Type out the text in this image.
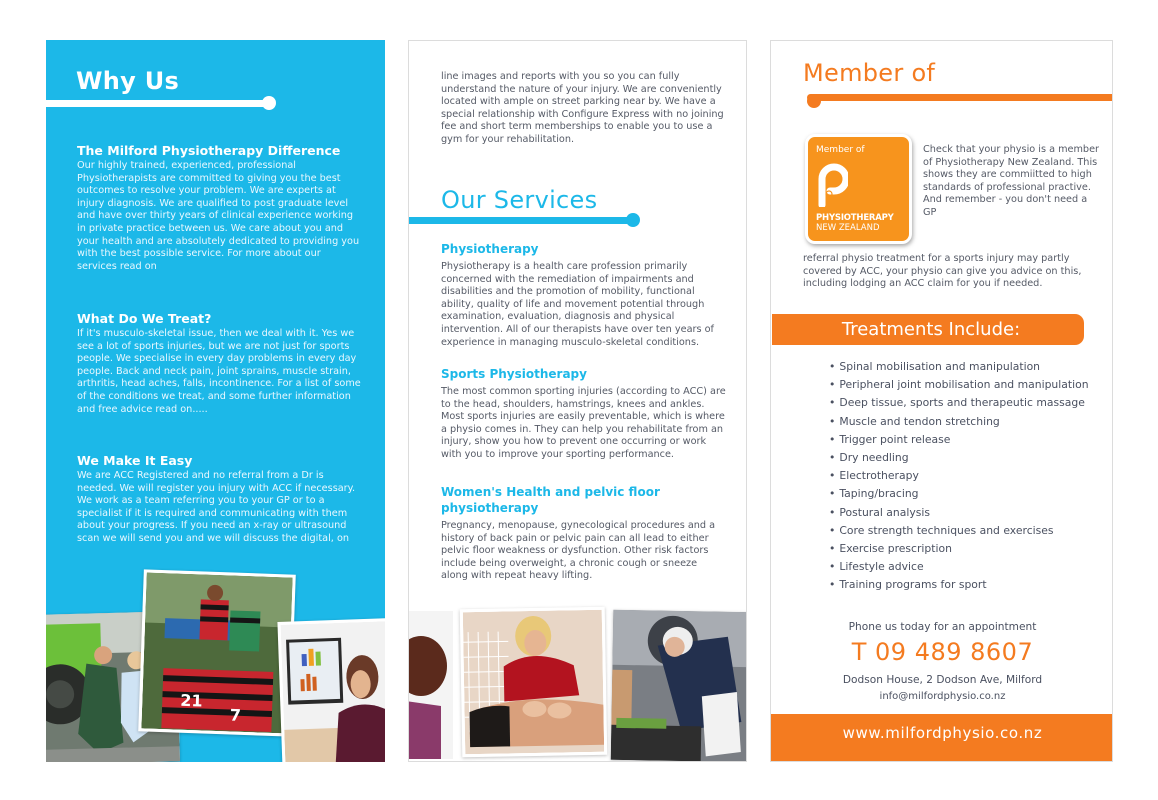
Why Us
The Milford Physiotherapy Difference

Our highly trained, experienced, professional Physiotherapists are committed to giving you the best outcomes to resolve your problem. We are experts at injury diagnosis. We are qualified to post graduate level and have over thirty years of clinical experience working in private practice between us. We care about you and your health and are absolutely dedicated to providing you with the best possible service. For more about our services read on

What Do We Treat?

If it's musculo-skeletal issue, then we deal with it. Yes we see a lot of sports injuries, but we are not just for sports people. We specialise in every day problems in every day people. Back and neck pain, joint sprains, muscle strain, arthritis, head aches, falls, incontinence. For a list of some of the conditions we treat, and some further information and free advice read on.....

We Make It Easy

We are ACC Registered and no referral from a Dr is needed. We will register you injury with ACC if necessary. We work as a team referring you to your GP or to a specialist if it is required and communicating with them about your progress. If you need an x-ray or ultrasound scan we will send you and we will discuss the digital, on

21
7

line images and reports with you so you can fully understand the nature of your injury. We are conveniently located with ample on street parking near by. We have a special relationship with Configure Express with no joining fee and short term memberships to enable you to use a gym for your rehabilitation.

Our Services
Physiotherapy

Physiotherapy is a health care profession primarily concerned with the remediation of impairments and disabilities and the promotion of mobility, functional ability, quality of life and movement potential through examination, evaluation, diagnosis and physical intervention. All of our therapists have over ten years of experience in managing musculo-skeletal conditions.

Sports Physiotherapy

The most common sporting injuries (according to ACC) are to the head, shoulders, hamstrings, knees and ankles. Most sports injuries are easily preventable, which is where a physio comes in. They can help you rehabilitate from an injury, show you how to prevent one occurring or work with you to improve your sporting performance.

Women's Health and pelvic floor physiotherapy

Pregnancy, menopause, gynecological procedures and a history of back pain or pelvic pain can all lead to either pelvic floor weakness or dysfunction. Other risk factors include being overweight, a chronic cough or sneeze along with repeat heavy lifting.

Member of
Member of
PHYSIOTHERAPY
NEW ZEALAND

Check that your physio is a member of Physiotherapy New Zealand. This shows they are commiitted to high standards of professional practive. And remember - you don't need a GP

referral physio treatment for a sports injury may partly covered by ACC, your physio can give you advice on this, including lodging an ACC claim for you if needed.

Treatments Include:
• Spinal mobilisation and manipulation
• Peripheral joint mobilisation and manipulation
• Deep tissue, sports and therapeutic massage
• Muscle and tendon stretching
• Trigger point release
• Dry needling
• Electrotherapy
• Taping/bracing
• Postural analysis
• Core strength techniques and exercises
• Exercise prescription
• Lifestyle advice
• Training programs for sport
Phone us today for an appointment
T 09 489 8607
Dodson House, 2 Dodson Ave, Milford
info@milfordphysio.co.nz
www.milfordphysio.co.nz
